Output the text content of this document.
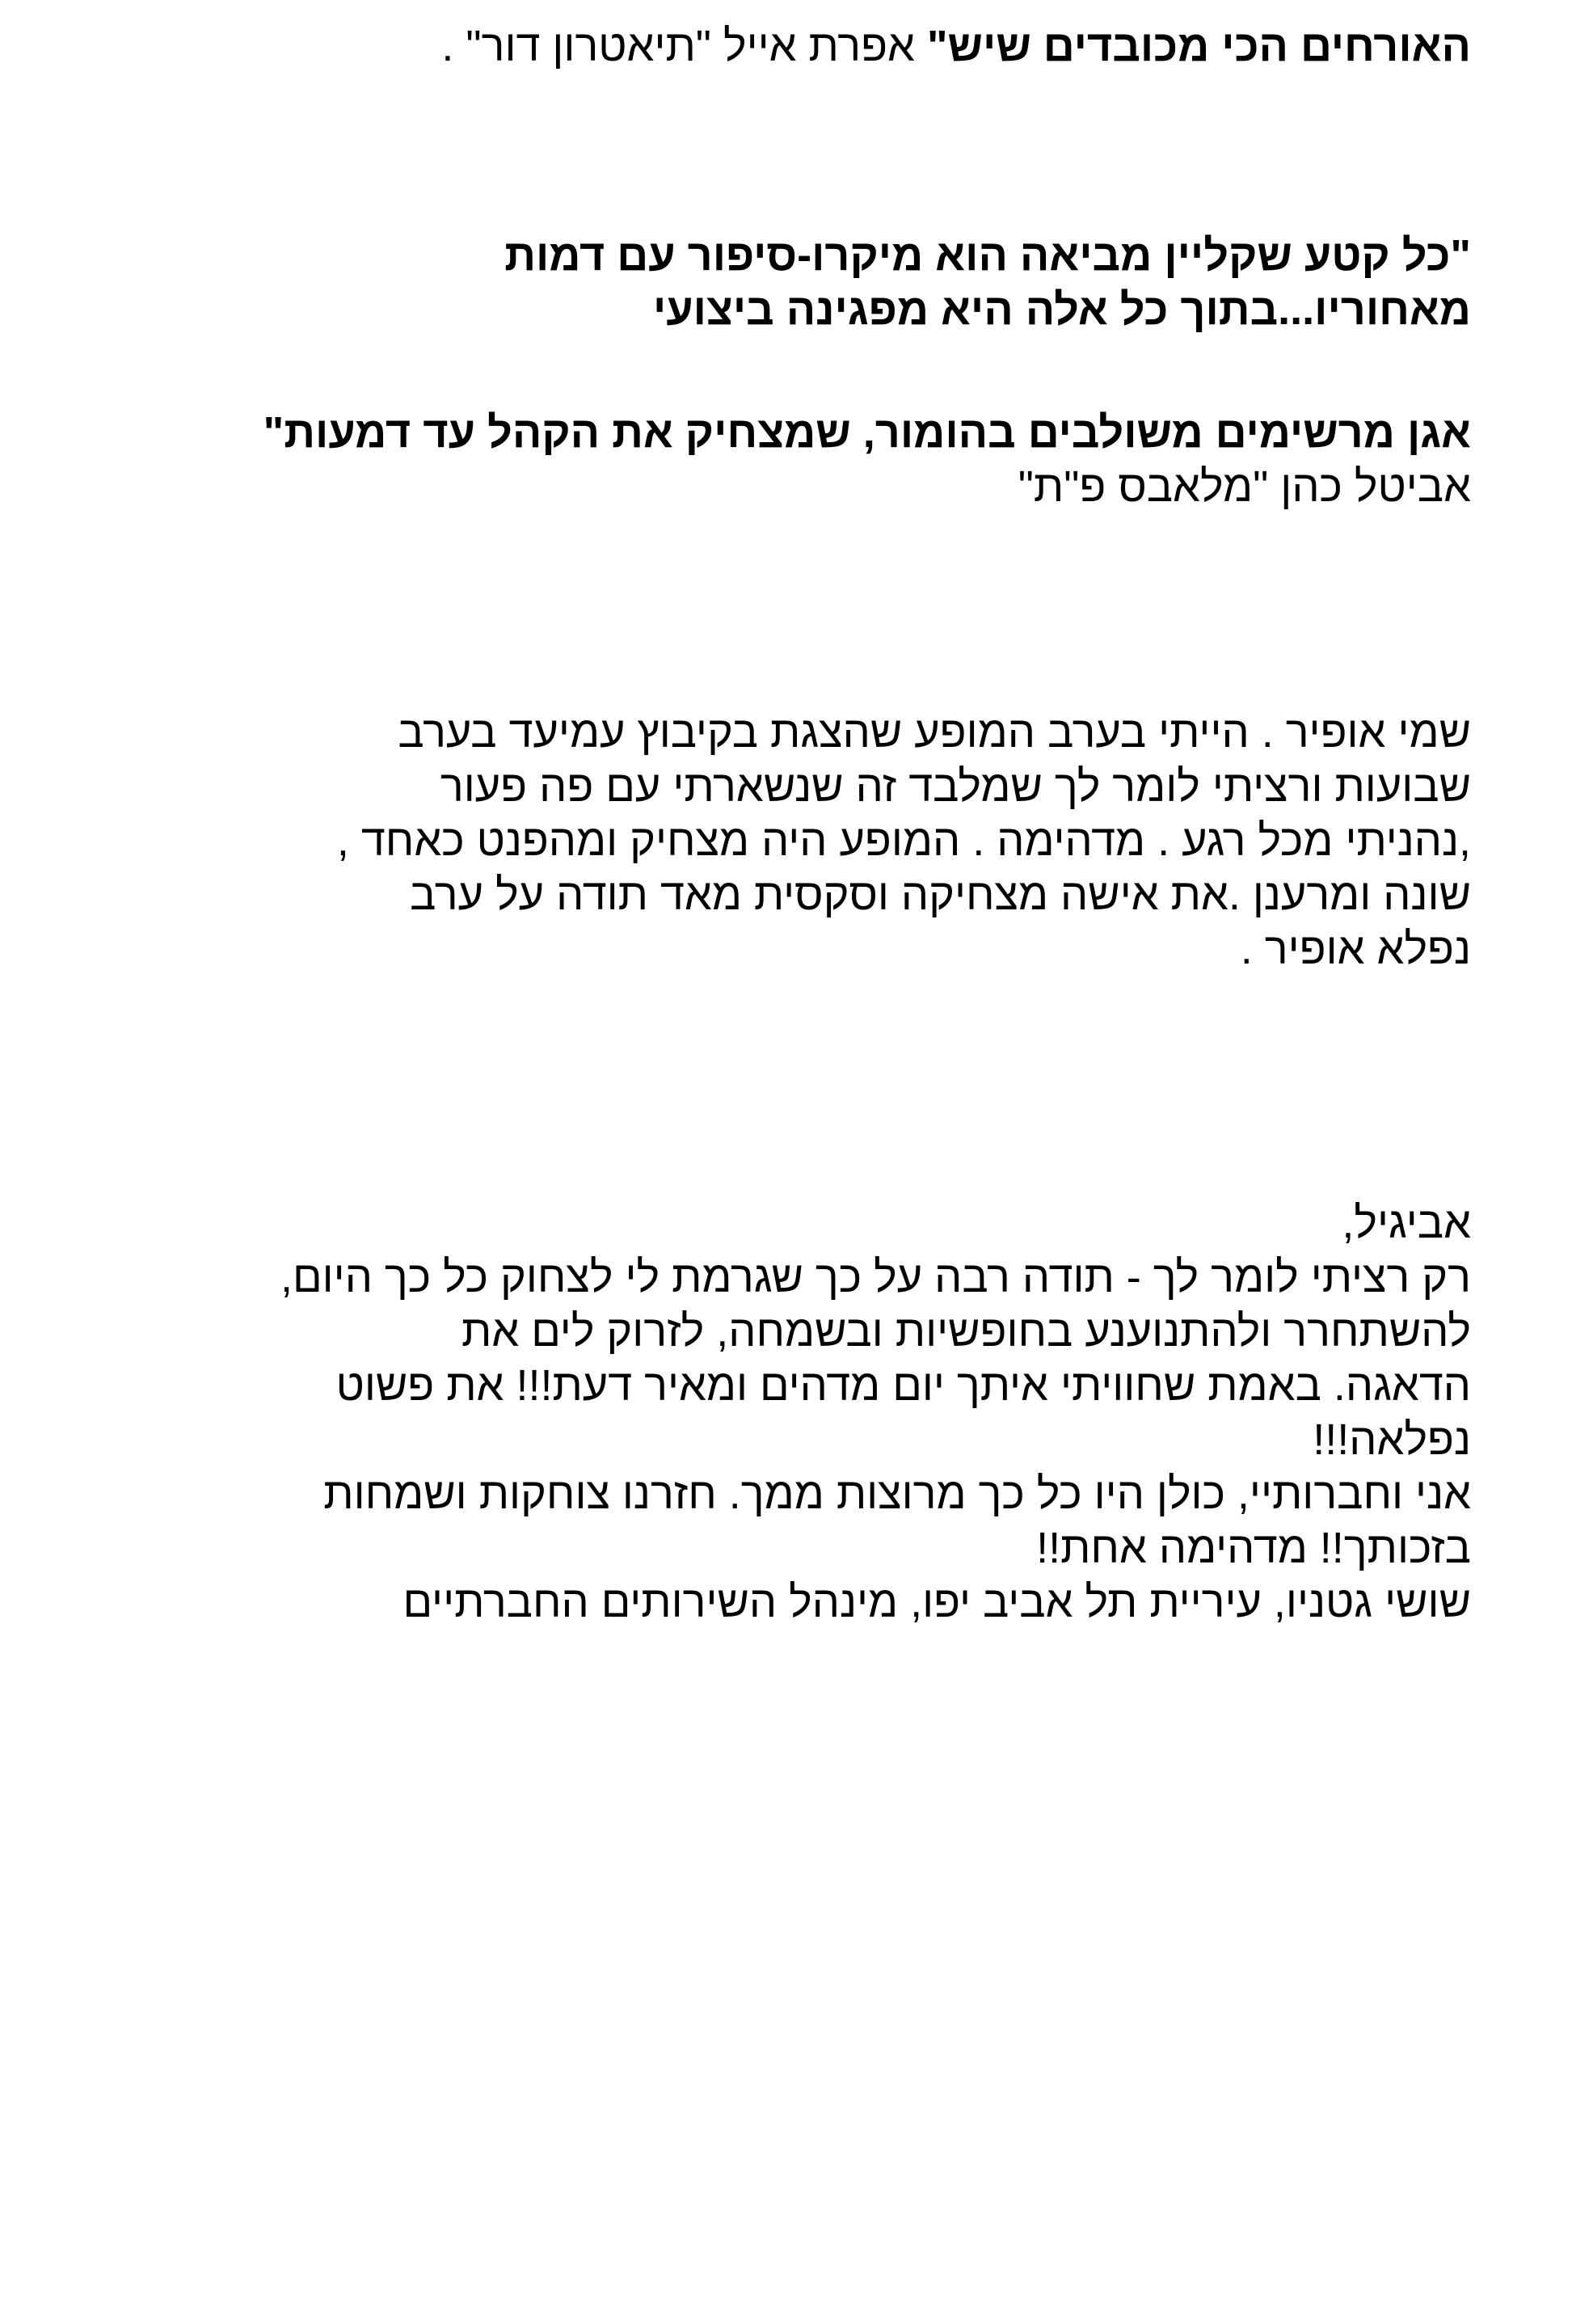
האורחים הכי מכובדים שיש" אפרת אייל "תיאטרון דור" .
"כל קטע שקליין מביאה הוא מיקרו-סיפור עם דמות
מאחוריו...בתוך כל אלה היא מפגינה ביצועי
אגן מרשימים משולבים בהומור, שמצחיק את הקהל עד דמעות"
אביטל כהן "מלאבס פ"ת"
שמי אופיר . הייתי בערב המופע שהצגת בקיבוץ עמיעד בערב
שבועות ורציתי לומר לך שמלבד זה שנשארתי עם פה פעור
,נהניתי מכל רגע . מדהימה . המופע היה מצחיק ומהפנט כאחד ,
שונה ומרענן .את אישה מצחיקה וסקסית מאד תודה על ערב
נפלא אופיר .
אביגיל,
רק רציתי לומר לך - תודה רבה על כך שגרמת לי לצחוק כל כך היום,
להשתחרר ולהתנוענע בחופשיות ובשמחה, לזרוק לים את
הדאגה. באמת שחוויתי איתך יום מדהים ומאיר דעת!!! את פשוט
נפלאה!!!
אני וחברותיי, כולן היו כל כך מרוצות ממך. חזרנו צוחקות ושמחות
בזכותך!! מדהימה אחת!!
שושי גטניו, עיריית תל אביב יפו, מינהל השירותים החברתיים
